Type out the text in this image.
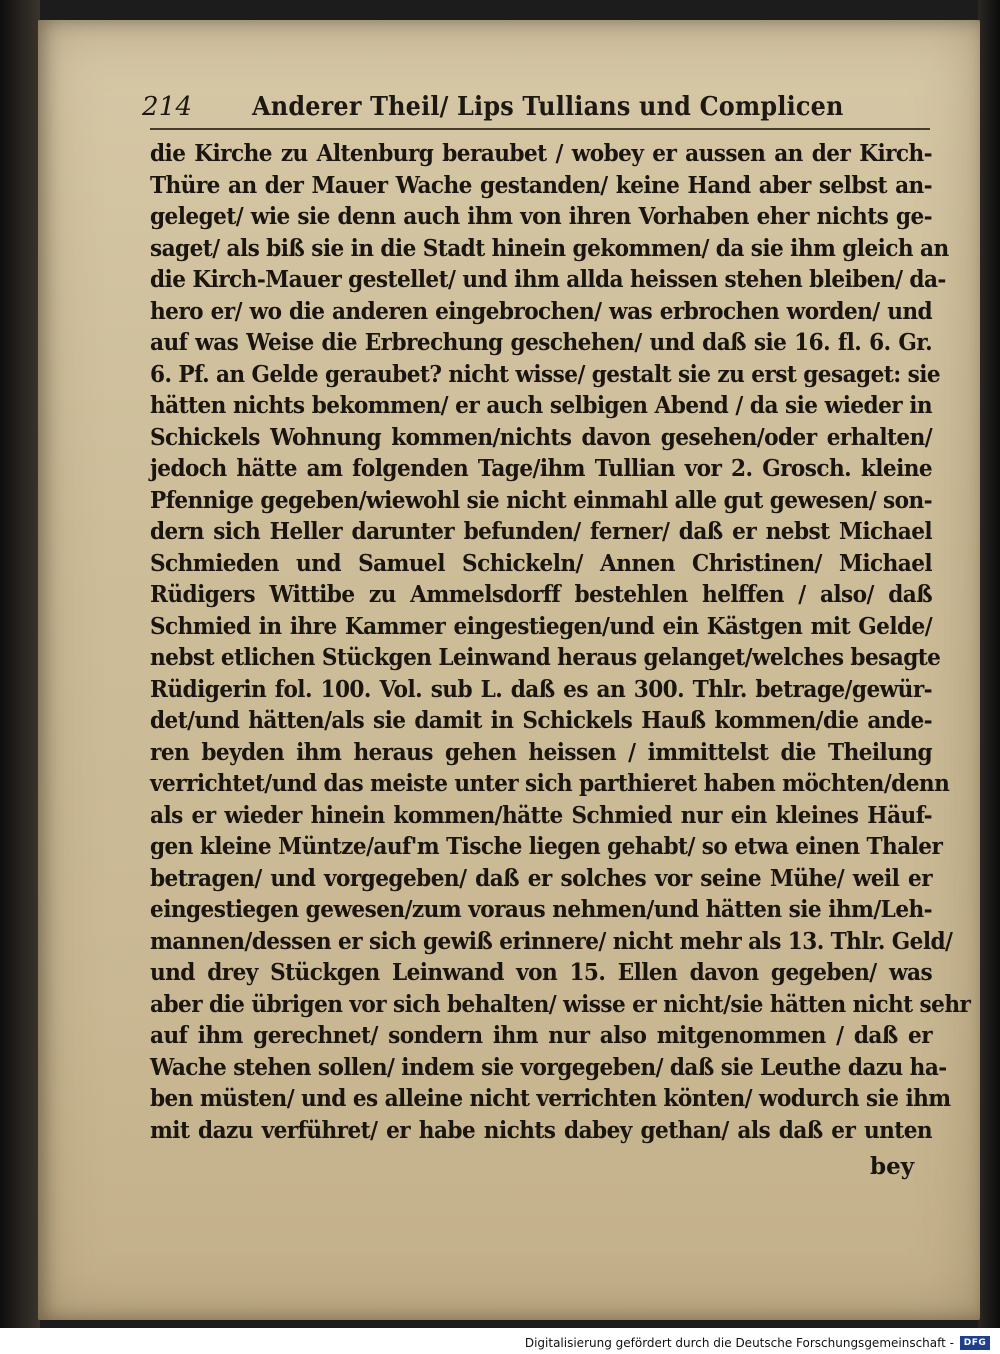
214 Anderer Theil/ Lips Tullians und Complicen
die Kirche zu Altenburg beraubet / wobey er aussen an der Kirch-
Thüre an der Mauer Wache gestanden/ keine Hand aber selbst an-
geleget/ wie sie denn auch ihm von ihren Vorhaben eher nichts ge-
saget/ als biß sie in die Stadt hinein gekommen/ da sie ihm gleich an
die Kirch-Mauer gestellet/ und ihm allda heissen stehen bleiben/ da-
hero er/ wo die anderen eingebrochen/ was erbrochen worden/ und
auf was Weise die Erbrechung geschehen/ und daß sie 16. fl. 6. Gr.
6. Pf. an Gelde geraubet? nicht wisse/ gestalt sie zu erst gesaget: sie
hätten nichts bekommen/ er auch selbigen Abend / da sie wieder in
Schickels Wohnung kommen/nichts davon gesehen/oder erhalten/
jedoch hätte am folgenden Tage/ihm Tullian vor 2. Grosch. kleine
Pfennige gegeben/wiewohl sie nicht einmahl alle gut gewesen/ son-
dern sich Heller darunter befunden/ ferner/ daß er nebst Michael
Schmieden und Samuel Schickeln/ Annen Christinen/ Michael
Rüdigers Wittibe zu Ammelsdorff bestehlen helffen / also/ daß
Schmied in ihre Kammer eingestiegen/und ein Kästgen mit Gelde/
nebst etlichen Stückgen Leinwand heraus gelanget/welches besagte
Rüdigerin fol. 100. Vol. sub L. daß es an 300. Thlr. betrage/gewür-
det/und hätten/als sie damit in Schickels Hauß kommen/die ande-
ren beyden ihm heraus gehen heissen / immittelst die Theilung
verrichtet/und das meiste unter sich parthieret haben möchten/denn
als er wieder hinein kommen/hätte Schmied nur ein kleines Häuf-
gen kleine Müntze/auf'm Tische liegen gehabt/ so etwa einen Thaler
betragen/ und vorgegeben/ daß er solches vor seine Mühe/ weil er
eingestiegen gewesen/zum voraus nehmen/und hätten sie ihm/Leh-
mannen/dessen er sich gewiß erinnere/ nicht mehr als 13. Thlr. Geld/
und drey Stückgen Leinwand von 15. Ellen davon gegeben/ was
aber die übrigen vor sich behalten/ wisse er nicht/sie hätten nicht sehr
auf ihm gerechnet/ sondern ihm nur also mitgenommen / daß er
Wache stehen sollen/ indem sie vorgegeben/ daß sie Leuthe dazu ha-
ben müsten/ und es alleine nicht verrichten könten/ wodurch sie ihm
mit dazu verführet/ er habe nichts dabey gethan/ als daß er unten
bey
Digitalisierung gefördert durch die Deutsche Forschungsgemeinschaft -	DFG
